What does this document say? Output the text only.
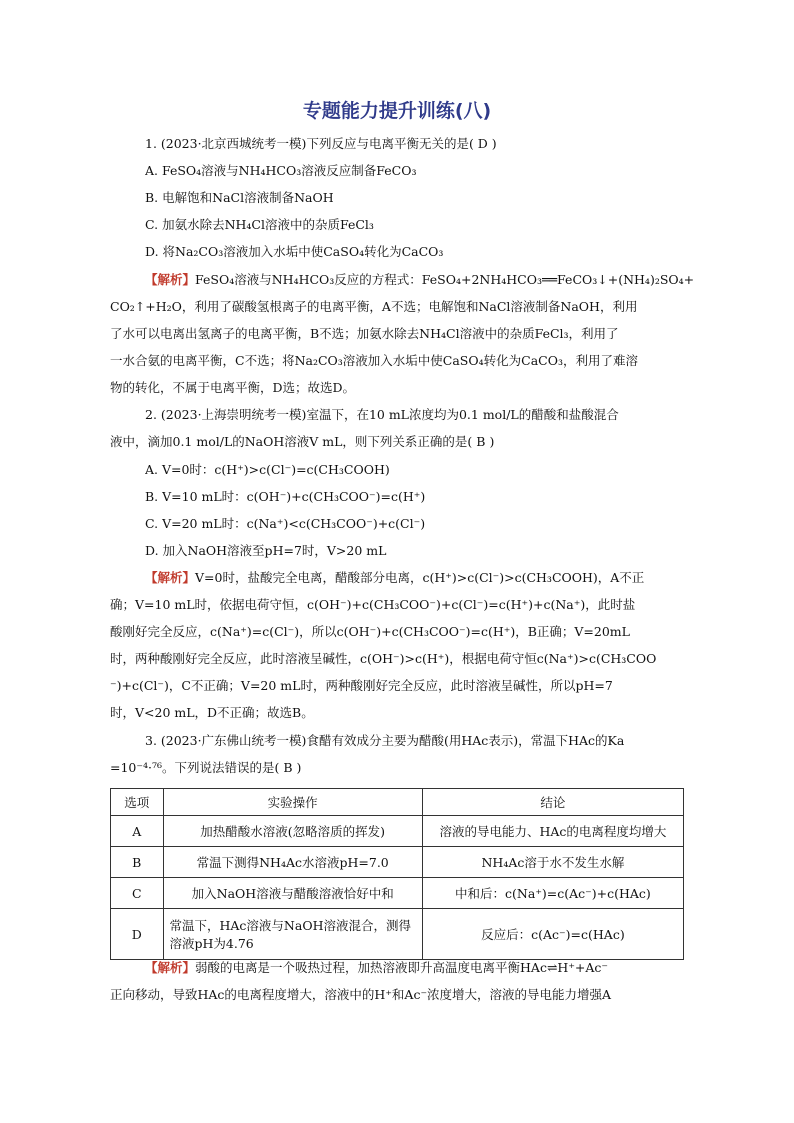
专题能力提升训练(八)
1. (2023·北京西城统考一模)下列反应与电离平衡无关的是( D )
A. FeSO₄溶液与NH₄HCO₃溶液反应制备FeCO₃
B. 电解饱和NaCl溶液制备NaOH
C. 加氨水除去NH₄Cl溶液中的杂质FeCl₃
D. 将Na₂CO₃溶液加入水垢中使CaSO₄转化为CaCO₃
【解析】FeSO₄溶液与NH₄HCO₃反应的方程式：FeSO₄+2NH₄HCO₃══FeCO₃↓+(NH₄)₂SO₄+
CO₂↑+H₂O，利用了碳酸氢根离子的电离平衡，A不选；电解饱和NaCl溶液制备NaOH，利用
了水可以电离出氢离子的电离平衡，B不选；加氨水除去NH₄Cl溶液中的杂质FeCl₃，利用了
一水合氨的电离平衡，C不选；将Na₂CO₃溶液加入水垢中使CaSO₄转化为CaCO₃，利用了难溶
物的转化，不属于电离平衡，D选；故选D。
2. (2023·上海崇明统考一模)室温下，在10 mL浓度均为0.1 mol/L的醋酸和盐酸混合
液中，滴加0.1 mol/L的NaOH溶液V mL，则下列关系正确的是( B )
A. V=0时：c(H⁺)>c(Cl⁻)=c(CH₃COOH)
B. V=10 mL时：c(OH⁻)+c(CH₃COO⁻)=c(H⁺)
C. V=20 mL时：c(Na⁺)<c(CH₃COO⁻)+c(Cl⁻)
D. 加入NaOH溶液至pH=7时，V>20 mL
【解析】V=0时，盐酸完全电离，醋酸部分电离，c(H⁺)>c(Cl⁻)>c(CH₃COOH)，A不正
确；V=10 mL时，依据电荷守恒，c(OH⁻)+c(CH₃COO⁻)+c(Cl⁻)=c(H⁺)+c(Na⁺)，此时盐
酸刚好完全反应，c(Na⁺)=c(Cl⁻)，所以c(OH⁻)+c(CH₃COO⁻)=c(H⁺)，B正确；V=20mL
时，两种酸刚好完全反应，此时溶液呈碱性，c(OH⁻)>c(H⁺)，根据电荷守恒c(Na⁺)>c(CH₃COO
⁻)+c(Cl⁻)，C不正确；V=20 mL时，两种酸刚好完全反应，此时溶液呈碱性，所以pH=7
时，V<20 mL，D不正确；故选B。
3. (2023·广东佛山统考一模)食醋有效成分主要为醋酸(用HAc表示)，常温下HAc的Ka
=10⁻⁴·⁷⁶。下列说法错误的是( B )
选项	实验操作	结论
A	加热醋酸水溶液(忽略溶质的挥发)	溶液的导电能力、HAc的电离程度均增大
B	常温下测得NH₄Ac水溶液pH=7.0	NH₄Ac溶于水不发生水解
C	加入NaOH溶液与醋酸溶液恰好中和	中和后：c(Na⁺)=c(Ac⁻)+c(HAc)
D	常温下，HAc溶液与NaOH溶液混合，测得溶液pH为4.76	反应后：c(Ac⁻)=c(HAc)
【解析】弱酸的电离是一个吸热过程，加热溶液即升高温度电离平衡HAc⇌H⁺+Ac⁻
正向移动，导致HAc的电离程度增大，溶液中的H⁺和Ac⁻浓度增大，溶液的导电能力增强A
